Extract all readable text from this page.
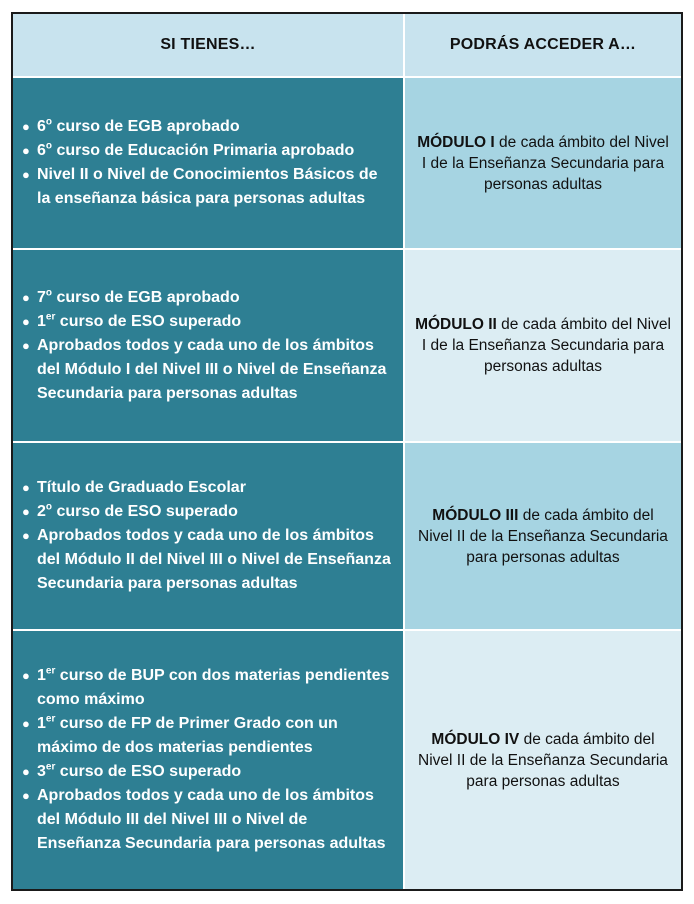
SI TIENES…	PODRÁS ACCEDER A…
● 6$^o$ curso de EGB aprobado
● 6$^o$ curso de Educación Primaria aprobado
● Nivel II o Nivel de Conocimientos Básicos de la enseñanza básica para personas adultas
MÓDULO I de cada ámbito del Nivel I de la Enseñanza Secundaria para personas adultas
● 7$^o$ curso de EGB aprobado
● 1er curso de ESO superado
● Aprobados todos y cada uno de los ámbitos del Módulo I del Nivel III o Nivel de Enseñanza Secundaria para personas adultas
MÓDULO II de cada ámbito del Nivel I de la Enseñanza Secundaria para personas adultas
● Título de Graduado Escolar
● 2$^o$ curso de ESO superado
● Aprobados todos y cada uno de los ámbitos del Módulo II del Nivel III o Nivel de Enseñanza Secundaria para personas adultas
MÓDULO III de cada ámbito del Nivel II de la Enseñanza Secundaria para personas adultas
● 1er curso de BUP con dos materias pendientes como máximo
● 1er curso de FP de Primer Grado con un máximo de dos materias pendientes
● 3er curso de ESO superado
● Aprobados todos y cada uno de los ámbitos del Módulo III del Nivel III o Nivel de Enseñanza Secundaria para personas adultas
MÓDULO IV de cada ámbito del Nivel II de la Enseñanza Secundaria para personas adultas
